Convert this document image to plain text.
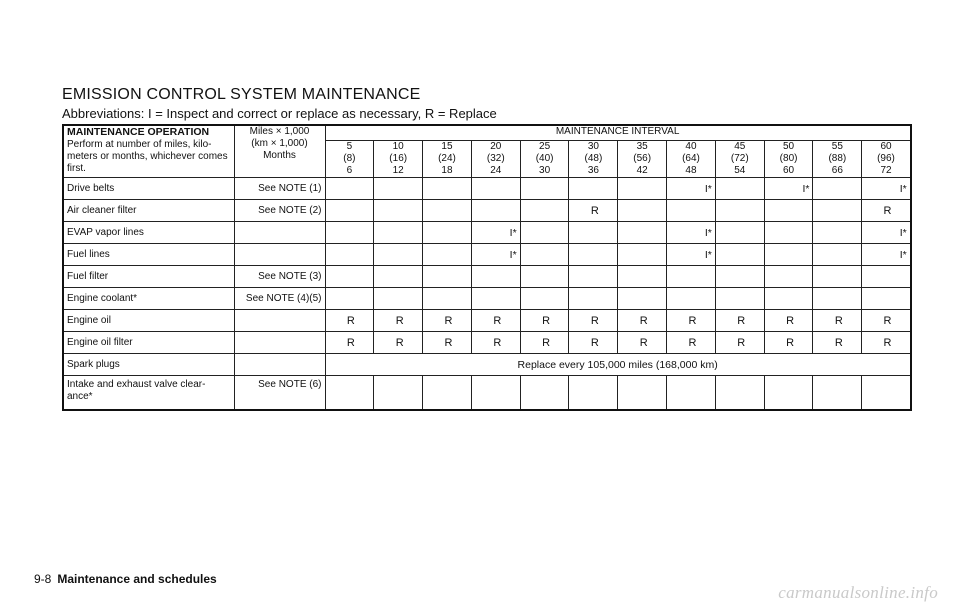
EMISSION CONTROL SYSTEM MAINTENANCE
Abbreviations: I = Inspect and correct or replace as necessary, R = Replace
MAINTENANCE OPERATION
Perform at number of miles, kilo-meters or months, whichever comes first.	Miles × 1,000
(km × 1,000)
Months	MAINTENANCE INTERVAL											
		5
(8)
6	10
(16)
12	15
(24)
18	20
(32)
24	25
(40)
30	30
(48)
36	35
(56)
42	40
(64)
48	45
(72)
54	50
(80)
60	55
(88)
66	60
(96)
72
Drive belts	See NOTE (1)								I*		I*		I*
Air cleaner filter	See NOTE (2)						R						R
EVAP vapor lines					I*				I*				I*
Fuel lines					I*				I*				I*
Fuel filter	See NOTE (3)												
Engine coolant*	See NOTE (4)(5)												
Engine oil		R	R	R	R	R	R	R	R	R	R	R	R
Engine oil filter		R	R	R	R	R	R	R	R	R	R	R	R
Spark plugs		Replace every 105,000 miles (168,000 km)											
Intake and exhaust valve clear-ance*	See NOTE (6)												
9-8 Maintenance and schedules
carmanualsonline.info
